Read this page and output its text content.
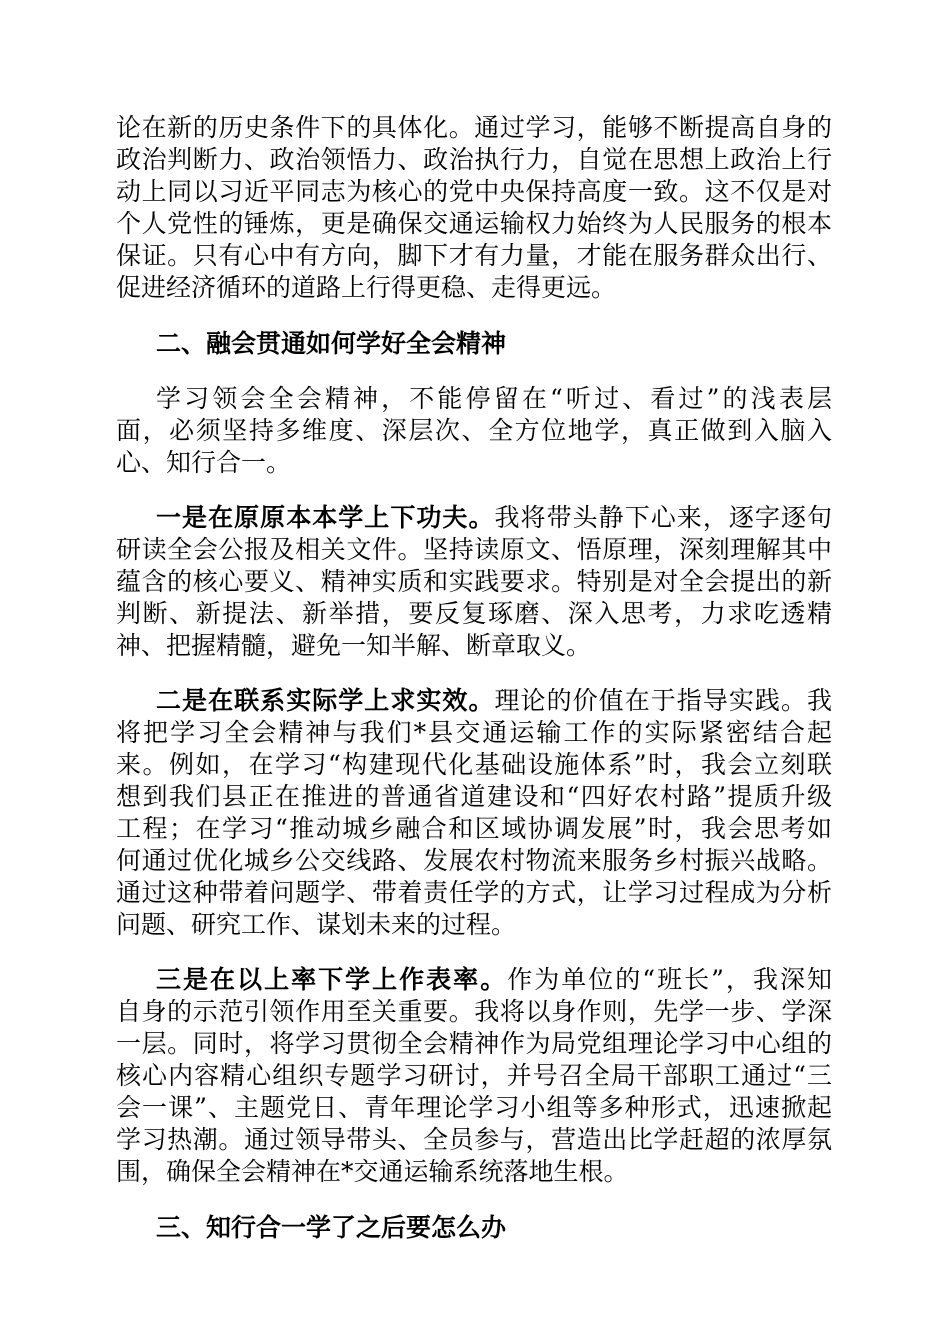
论在新的历史条件下的具体化。通过学习，能够不断提高自身的
政治判断力、政治领悟力、政治执行力，自觉在思想上政治上行
动上同以习近平同志为核心的党中央保持高度一致。这不仅是对
个人党性的锤炼，更是确保交通运输权力始终为人民服务的根本
保证。只有心中有方向，脚下才有力量，才能在服务群众出行、
促进经济循环的道路上行得更稳、走得更远。
二、融会贯通如何学好全会精神
学习领会全会精神，不能停留在“听过、看过”的浅表层
面，必须坚持多维度、深层次、全方位地学，真正做到入脑入
心、知行合一。
一是在原原本本学上下功夫。我将带头静下心来，逐字逐句
研读全会公报及相关文件。坚持读原文、悟原理，深刻理解其中
蕴含的核心要义、精神实质和实践要求。特别是对全会提出的新
判断、新提法、新举措，要反复琢磨、深入思考，力求吃透精
神、把握精髓，避免一知半解、断章取义。
二是在联系实际学上求实效。理论的价值在于指导实践。我
将把学习全会精神与我们*县交通运输工作的实际紧密结合起
来。例如，在学习“构建现代化基础设施体系”时，我会立刻联
想到我们县正在推进的普通省道建设和“四好农村路”提质升级
工程；在学习“推动城乡融合和区域协调发展”时，我会思考如
何通过优化城乡公交线路、发展农村物流来服务乡村振兴战略。
通过这种带着问题学、带着责任学的方式，让学习过程成为分析
问题、研究工作、谋划未来的过程。
三是在以上率下学上作表率。作为单位的“班长”，我深知
自身的示范引领作用至关重要。我将以身作则，先学一步、学深
一层。同时，将学习贯彻全会精神作为局党组理论学习中心组的
核心内容精心组织专题学习研讨，并号召全局干部职工通过“三
会一课”、主题党日、青年理论学习小组等多种形式，迅速掀起
学习热潮。通过领导带头、全员参与，营造出比学赶超的浓厚氛
围，确保全会精神在*交通运输系统落地生根。
三、知行合一学了之后要怎么办
